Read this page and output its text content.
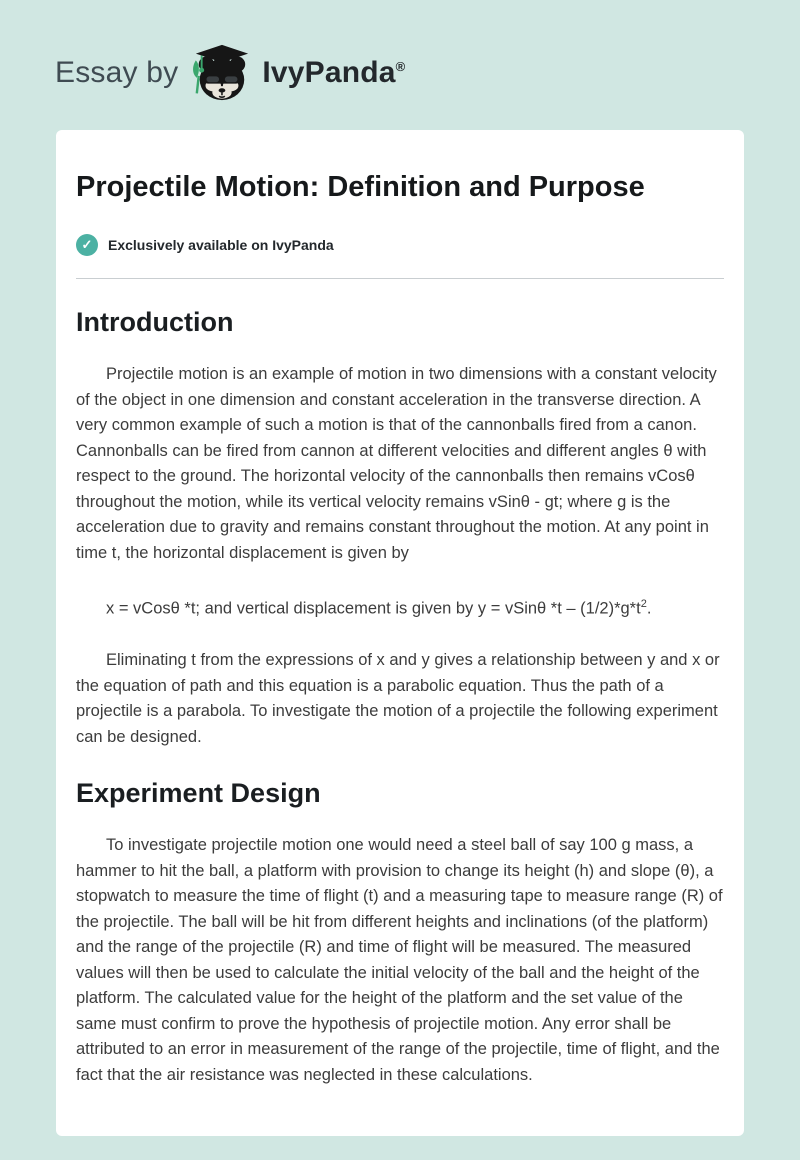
Essay by	IvyPanda®
Projectile Motion: Definition and Purpose
✓	Exclusively available on IvyPanda
Introduction

Projectile motion is an example of motion in two dimensions with a constant velocity of the object in one dimension and constant acceleration in the transverse direction. A very common example of such a motion is that of the cannonballs fired from a canon. Cannonballs can be fired from cannon at different velocities and different angles θ with respect to the ground. The horizontal velocity of the cannonballs then remains vCosθ throughout the motion, while its vertical velocity remains vSinθ - gt; where g is the acceleration due to gravity and remains constant throughout the motion. At any point in time t, the horizontal displacement is given by

x = vCosθ *t; and vertical displacement is given by y = vSinθ $*t - (1/2)*g*t^2$.

Eliminating t from the expressions of x and y gives a relationship between y and x or the equation of path and this equation is a parabolic equation. Thus the path of a projectile is a parabola. To investigate the motion of a projectile the following experiment can be designed.

Experiment Design

To investigate projectile motion one would need a steel ball of say 100 g mass, a hammer to hit the ball, a platform with provision to change its height (h) and slope (θ), a stopwatch to measure the time of flight (t) and a measuring tape to measure range (R) of the projectile. The ball will be hit from different heights and inclinations (of the platform) and the range of the projectile (R) and time of flight will be measured. The measured values will then be used to calculate the initial velocity of the ball and the height of the platform. The calculated value for the height of the platform and the set value of the same must confirm to prove the hypothesis of projectile motion. Any error shall be attributed to an error in measurement of the range of the projectile, time of flight, and the fact that the air resistance was neglected in these calculations.
